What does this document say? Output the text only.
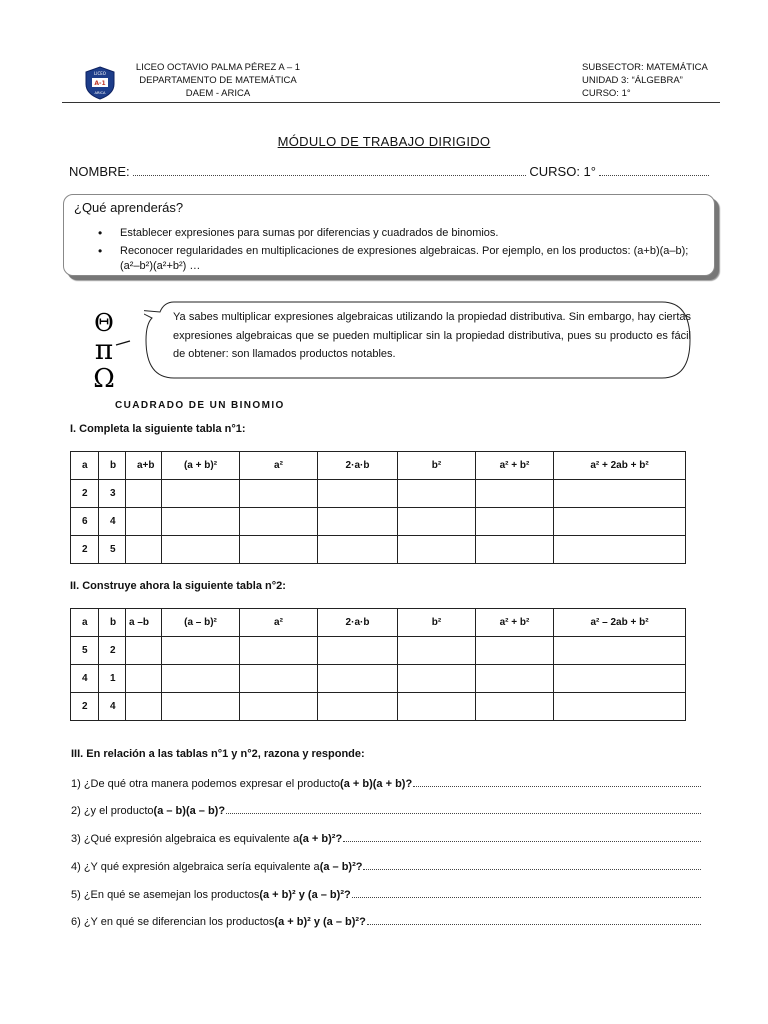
LICEO
A-1
ARICA
LICEO OCTAVIO PALMA PÉREZ A – 1
DEPARTAMENTO DE MATEMÁTICA
DAEM - ARICA
SUBSECTOR: MATEMÁTICA
UNIDAD 3: “ÁLGEBRA”
CURSO: 1°
MÓDULO DE TRABAJO DIRIGIDO
NOMBRE:	CURSO: 1°
¿Qué aprenderás?
• Establecer expresiones para sumas por diferencias y cuadrados de binomios.
• Reconocer regularidades en multiplicaciones de expresiones algebraicas. Por ejemplo, en los productos: (a+b)(a–b); (a²–b²)(a²+b²) …
Θ
π
Ω
Ya sabes multiplicar expresiones algebraicas utilizando la propiedad distributiva. Sin embargo, hay ciertas expresiones algebraicas que se pueden multiplicar sin la propiedad distributiva, pues su producto es fácil de obtener: son llamados productos notables.
CUADRADO DE UN BINOMIO
I. Completa la siguiente tabla n°1:
a	b	a+b	(a + b)²	a²	2·a·b	b²	a² + b²	a² + 2ab + b²
2	3							
6	4							
2	5							
II. Construye ahora la siguiente tabla n°2:
a	b	a –b	(a – b)²	a²	2·a·b	b²	a² + b²	a² – 2ab + b²
5	2							
4	1							
2	4							
III. En relación a las tablas n°1 y n°2, razona y responde:
1) ¿De qué otra manera podemos expresar el producto (a + b)(a + b) ?
2) ¿y el producto (a – b)(a – b) ?
3) ¿Qué expresión algebraica es equivalente a (a + b)² ?
4) ¿Y qué expresión algebraica sería equivalente a (a – b)² ?
5) ¿En qué se asemejan los productos (a + b)² y (a – b)² ?
6) ¿Y en qué se diferencian los productos (a + b)² y (a – b)² ?
